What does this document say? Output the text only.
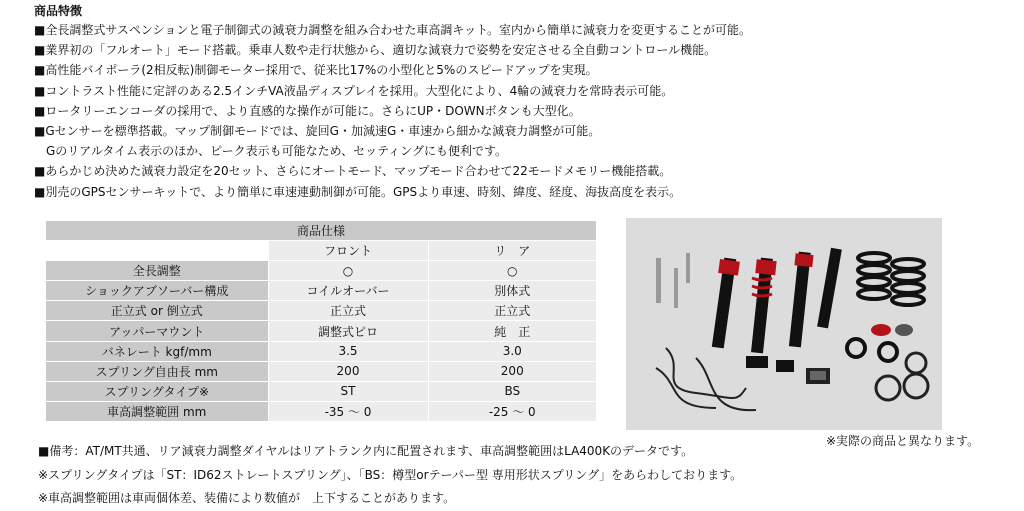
商品特徴
■全長調整式サスペンションと電子制御式の減衰力調整を組み合わせた車高調キット。室内から簡単に減衰力を変更することが可能。
■業界初の「フルオート」モード搭載。乗車人数や走行状態から、適切な減衰力で姿勢を安定させる全自動コントロール機能。
■高性能バイポーラ(2相反転)制御モーター採用で、従来比17%の小型化と5%のスピードアップを実現。
■コントラスト性能に定評のある2.5インチVA液晶ディスプレイを採用。大型化により、4輪の減衰力を常時表示可能。
■ロータリーエンコーダの採用で、より直感的な操作が可能に。さらにUP・DOWNボタンも大型化。
■Gセンサーを標準搭載。マップ制御モードでは、旋回G・加減速G・車速から細かな減衰力調整が可能。
　Gのリアルタイム表示のほか、ピーク表示も可能なため、セッティングにも便利です。
■あらかじめ決めた減衰力設定を20セット、さらにオートモード、マップモード合わせて22モードメモリー機能搭載。
■別売のGPSセンサーキットで、より簡単に車速連動制御が可能。GPSより車速、時刻、緯度、経度、海抜高度を表示。
商品仕様		
	フロント	リ　ア
全長調整	○	○
ショックアブソーバー構成	コイルオーバー	別体式
正立式 or 倒立式	正立式	正立式
アッパーマウント	調整式ピロ	純　正
バネレート kgf/mm	3.5	3.0
スプリング自由長 mm	200	200
スプリングタイプ※	ST	BS
車高調整範囲 mm	-35 ～ 0	-25 ～ 0
※実際の商品と異なります。
■備考：AT/MT共通、リア減衰力調整ダイヤルはリアトランク内に配置されます、車高調整範囲はLA400Kのデータです。
※スプリングタイプは「ST：ID62ストレートスプリング」、「BS：樽型orテーパー型 専用形状スプリング」をあらわしております。
※車高調整範囲は車両個体差、装備により数値が　上下することがあります。
